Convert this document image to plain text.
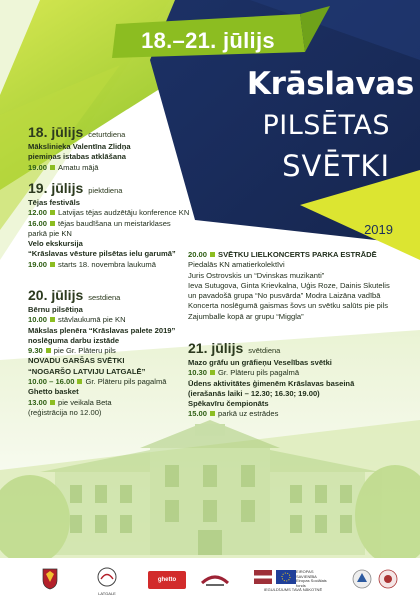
18.–21. jūlijs
Krāslavas
PILSĒTAS
SVĒTKI
2019
18. jūlijs ceturtdiena
Mākslinieka Valentīna Zlidņa
piemiņas istabas atklāšana
19.00 Amatu mājā
19. jūlijs piektdiena
Tējas festivāls
12.00 Latvijas tējas audzētāju konference KN
16.00 tējas baudīšana un meistarklases
parkā pie KN
Velo ekskursija
“Krāslavas vēsture pilsētas ielu garumā”
19.00 starts 18. novembra laukumā
20. jūlijs sestdiena
Bērnu pilsētiņa
10.00 stāvlaukumā pie KN
Mākslas plenēra “Krāslavas palete 2019”
noslēguma darbu izstāde
9.30 pie Gr. Plāteru pils
NOVADU GARŠAS SVĒTKI
“NOGARŠO LATVIJU LATGALĒ”
10.00 – 16.00 Gr. Plāteru pils pagalmā
Ghetto basket
13.00 pie veikala Beta
(reģistrācija no 12.00)
20.00 SVĒTKU LIELKONCERTS PARKA ESTRĀDĒ
Piedalās KN amatierkolektīvi
Juris Ostrovskis un “Dvinskas muzikanti”
Ieva Sutugova, Ginta Krievkalna, Uģis Roze, Dainis Skutelis
un pavadošā grupa “No pusvārda” Modra Laizāna vadībā
Koncerta noslēgumā gaismas šovs un svētku salūts pie pils
Zajumballe kopā ar grupu “Miggla”
21. jūlijs svētdiena
Mazo grāfu un grāfieņu Veselības svētki
10.30 Gr. Plāteru pils pagalmā
Ūdens aktivitātes ģimenēm Krāslavas baseinā
(ierašanās laiki – 12.30; 16.30; 19.00)
Spēkavīru čempionāts
15.00 parkā uz estrādes
LATGALE
ghetto games
EIROPAS SAVIENĪBA
Eiropas Sociālais fonds
IEGULDĪJUMS TAVĀ NĀKOTNĒ
